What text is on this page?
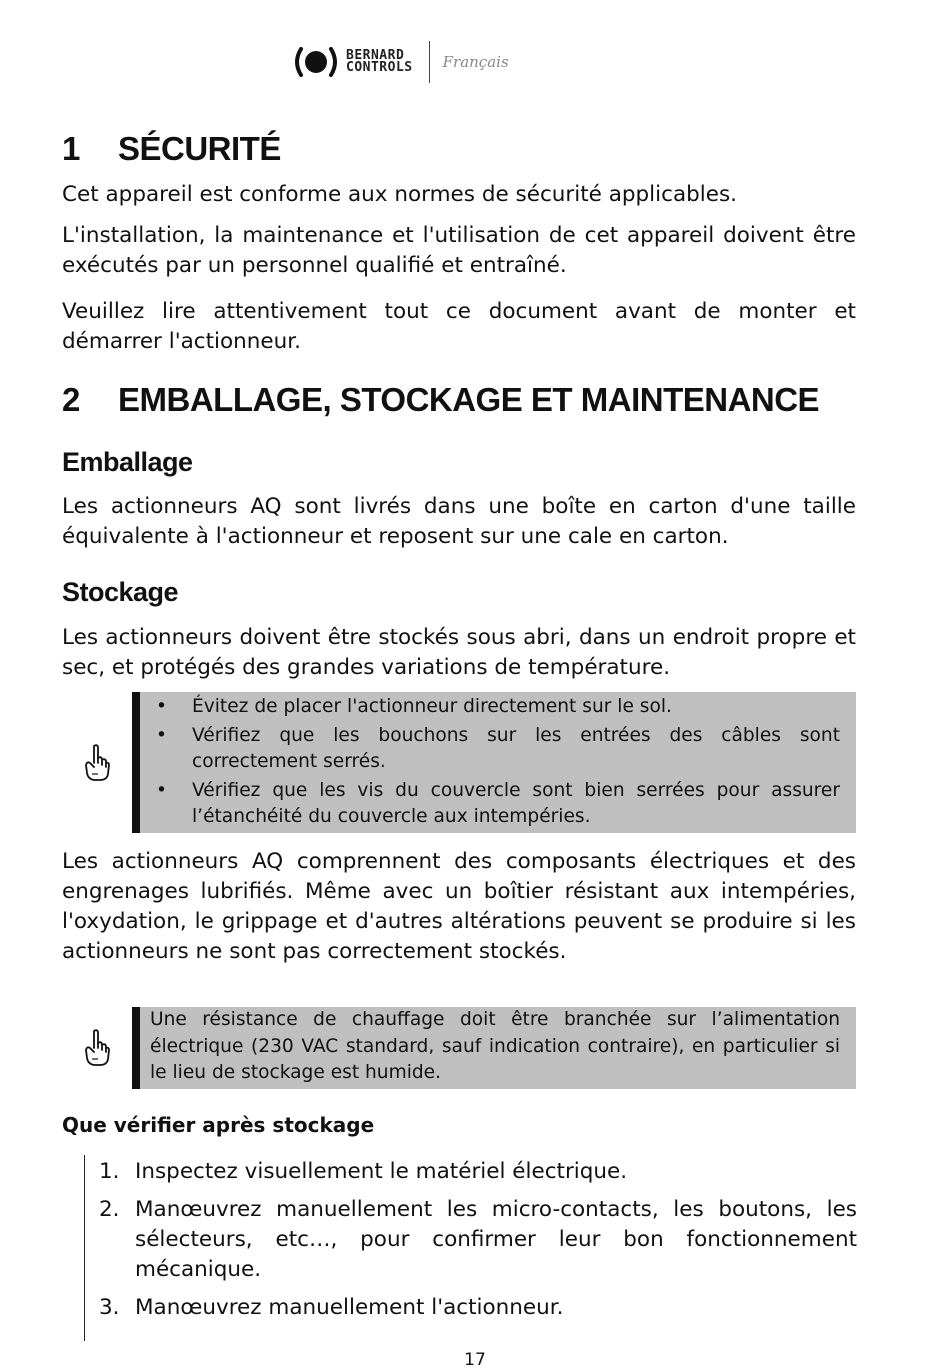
BERNARD
CONTROLS Français
1 SÉCURITÉ
Cet appareil est conforme aux normes de sécurité applicables.
L'installation, la maintenance et l'utilisation de cet appareil doivent être exécutés par un personnel qualifié et entraîné.
Veuillez lire attentivement tout ce document avant de monter et démarrer l'actionneur.
2 EMBALLAGE, STOCKAGE ET MAINTENANCE
Emballage
Les actionneurs AQ sont livrés dans une boîte en carton d'une taille équivalente à l'actionneur et reposent sur une cale en carton.
Stockage
Les actionneurs doivent être stockés sous abri, dans un endroit propre et sec, et protégés des grandes variations de température.
• Évitez de placer l'actionneur directement sur le sol.
• Vérifiez que les bouchons sur les entrées des câbles sont correctement serrés.
• Vérifiez que les vis du couvercle sont bien serrées pour assurer l’étanchéité du couvercle aux intempéries.
Les actionneurs AQ comprennent des composants électriques et des engrenages lubrifiés. Même avec un boîtier résistant aux intempéries, l'oxydation, le grippage et d'autres altérations peuvent se produire si les actionneurs ne sont pas correctement stockés.
Une résistance de chauffage doit être branchée sur l’alimentation électrique (230 VAC standard, sauf indication contraire), en particulier si le lieu de stockage est humide.
Que vérifier après stockage
1. Inspectez visuellement le matériel électrique.
2. Manœuvrez manuellement les micro-contacts, les boutons, les sélecteurs, etc…, pour confirmer leur bon fonctionnement mécanique.
3. Manœuvrez manuellement l'actionneur.
17
